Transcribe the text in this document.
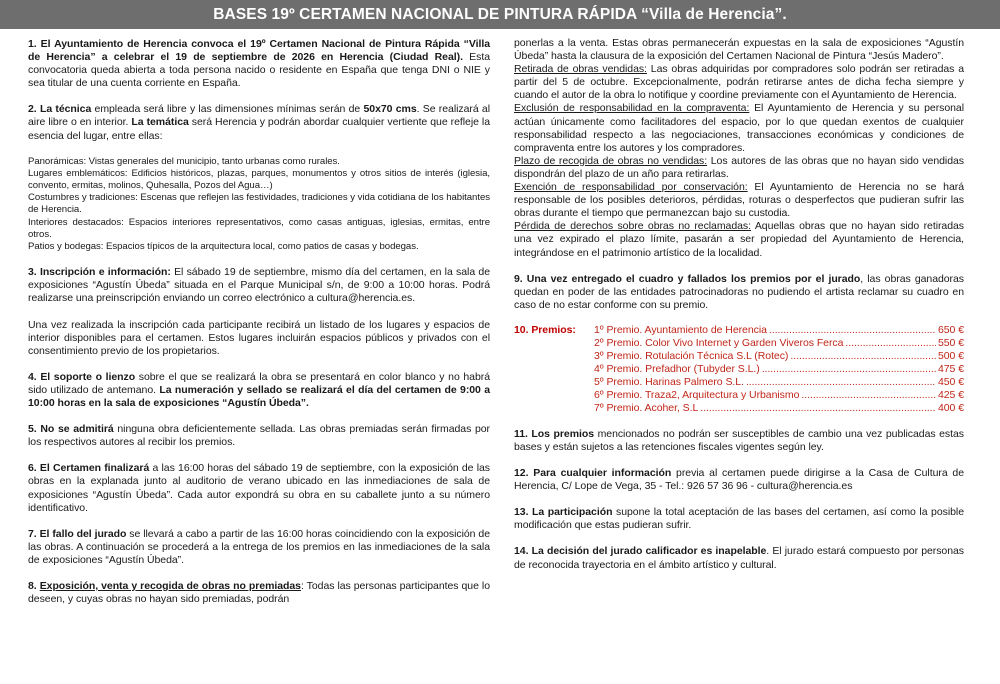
BASES 19º CERTAMEN NACIONAL DE PINTURA RÁPIDA “Villa de Herencia”.

1. El Ayuntamiento de Herencia convoca el 19º Certamen Nacional de Pintura Rápida “Villa de Herencia” a celebrar el 19 de septiembre de 2026 en Herencia (Ciudad Real). Esta convocatoria queda abierta a toda persona nacido o residente en España que tenga DNI o NIE y sea titular de una cuenta corriente en España.

2. La técnica empleada será libre y las dimensiones mínimas serán de 50x70 cms. Se realizará al aire libre o en interior. La temática será Herencia y podrán abordar cualquier vertiente que refleje la esencia del lugar, entre ellas:

Panorámicas: Vistas generales del municipio, tanto urbanas como rurales.

Lugares emblemáticos: Edificios históricos, plazas, parques, monumentos y otros sitios de interés (iglesia, convento, ermitas, molinos, Quhesalla, Pozos del Agua…)

Costumbres y tradiciones: Escenas que reflejen las festividades, tradiciones y vida cotidiana de los habitantes de Herencia.

Interiores destacados: Espacios interiores representativos, como casas antiguas, iglesias, ermitas, entre otros.

Patios y bodegas: Espacios típicos de la arquitectura local, como patios de casas y bodegas.

3. Inscripción e información: El sábado 19 de septiembre, mismo día del certamen, en la sala de exposiciones “Agustín Úbeda” situada en el Parque Municipal s/n, de 9:00 a 10:00 horas. Podrá realizarse una preinscripción enviando un correo electrónico a cultura@herencia.es.

Una vez realizada la inscripción cada participante recibirá un listado de los lugares y espacios de interior disponibles para el certamen. Estos lugares incluirán espacios públicos y privados con el consentimiento previo de los propietarios.

4. El soporte o lienzo sobre el que se realizará la obra se presentará en color blanco y no habrá sido utilizado de antemano. La numeración y sellado se realizará el día del certamen de 9:00 a 10:00 horas en la sala de exposiciones “Agustín Úbeda”.

5. No se admitirá ninguna obra deficientemente sellada. Las obras premiadas serán firmadas por los respectivos autores al recibir los premios.

6. El Certamen finalizará a las 16:00 horas del sábado 19 de septiembre, con la exposición de las obras en la explanada junto al auditorio de verano ubicado en las inmediaciones de sala de exposiciones “Agustín Úbeda”. Cada autor expondrá su obra en su caballete junto a su número identificativo.

7. El fallo del jurado se llevará a cabo a partir de las 16:00 horas coincidiendo con la exposición de las obras. A continuación se procederá a la entrega de los premios en las inmediaciones de la sala de exposiciones “Agustín Úbeda”.

8. Exposición, venta y recogida de obras no premiadas: Todas las personas participantes que lo deseen, y cuyas obras no hayan sido premiadas, podrán

ponerlas a la venta. Estas obras permanecerán expuestas en la sala de exposiciones “Agustín Úbeda” hasta la clausura de la exposición del Certamen Nacional de Pintura “Jesús Madero”.

Retirada de obras vendidas: Las obras adquiridas por compradores solo podrán ser retiradas a partir del 5 de octubre. Excepcionalmente, podrán retirarse antes de dicha fecha siempre y cuando el autor de la obra lo notifique y coordine previamente con el Ayuntamiento de Herencia.

Exclusión de responsabilidad en la compraventa: El Ayuntamiento de Herencia y su personal actúan únicamente como facilitadores del espacio, por lo que quedan exentos de cualquier responsabilidad respecto a las negociaciones, transacciones económicas y condiciones de compraventa entre los autores y los compradores.

Plazo de recogida de obras no vendidas: Los autores de las obras que no hayan sido vendidas dispondrán del plazo de un año para retirarlas.

Exención de responsabilidad por conservación: El Ayuntamiento de Herencia no se hará responsable de los posibles deterioros, pérdidas, roturas o desperfectos que pudieran sufrir las obras durante el tiempo que permanezcan bajo su custodia.

Pérdida de derechos sobre obras no reclamadas: Aquellas obras que no hayan sido retiradas una vez expirado el plazo límite, pasarán a ser propiedad del Ayuntamiento de Herencia, integrándose en el patrimonio artístico de la localidad.

9. Una vez entregado el cuadro y fallados los premios por el jurado, las obras ganadoras quedan en poder de las entidades patrocinadoras no pudiendo el artista reclamar su cuadro en caso de no estar conforme con su premio.

10. Premios: 1º Premio. Ayuntamiento de Herencia .....	650 €
2º Premio. Color Vivo Internet y Garden Viveros Ferca .....	550 €
3º Premio. Rotulación Técnica S.L (Rotec) .....	500 €
4º Premio. Prefadhor (Tubyder S.L.) .....	475 €
5º Premio. Harinas Palmero S.L. .....	450 €
6º Premio. Traza2, Arquitectura y Urbanismo .....	425 €
7º Premio. Acoher, S.L .....	400 €

11. Los premios mencionados no podrán ser susceptibles de cambio una vez publicadas estas bases y están sujetos a las retenciones fiscales vigentes según ley.

12. Para cualquier información previa al certamen puede dirigirse a la Casa de Cultura de Herencia, C/ Lope de Vega, 35 - Tel.: 926 57 36 96 - cultura@herencia.es

13. La participación supone la total aceptación de las bases del certamen, así como la posible modificación que estas pudieran sufrir.

14. La decisión del jurado calificador es inapelable. El jurado estará compuesto por personas de reconocida trayectoria en el ámbito artístico y cultural.
